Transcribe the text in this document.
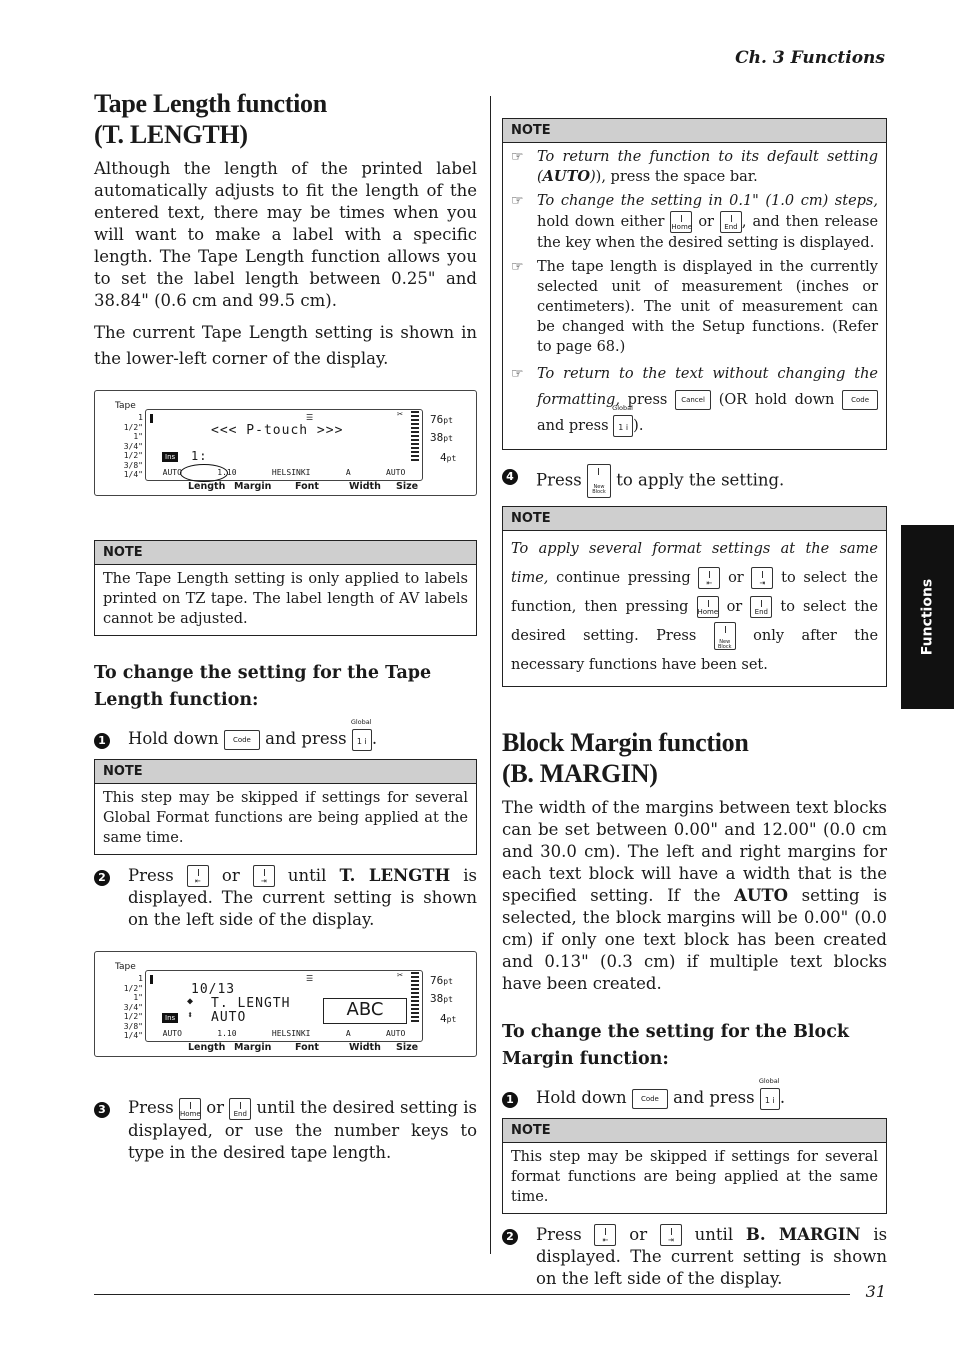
Ch. 3 Functions
Functions
Tape Length function
(T. LENGTH)

Although the length of the printed label automatically adjusts to fit the length of the entered text, there may be times when you will want to make a label with a specific length. The Tape Length function allows you to set the label length between 0.25" and 38.84" (0.6 cm and 99.5 cm).

The current Tape Length setting is shown in the lower-left corner of the display.

Tape
1 1/2"
1"
3/4"
1/2"
3/8"
1/4"
☰
Ins
<<< P-touch >>>
1:
✂ 76pt
38pt
4pt
AUTO	1.10	HELSINKI	A	AUTO
Length Margin Font	Width Size
NOTE
The Tape Length setting is only applied to labels printed on TZ tape. The label length of AV labels cannot be adjusted.
To change the setting for the Tape Length function:
1	Hold down Code and press
Global
1 i .
NOTE
This step may be skipped if settings for several Global Format functions are being applied at the same time.
2	Press	⇤ or	⇥ until T. LENGTH is displayed. The current setting is shown on the left side of the display.
Tape
1 1/2"
1"
3/4"
1/2"
3/8"
1/4"
☰
Ins
10/13
◆ T. LENGTH
⬍ AUTO	ABC
✂ 76pt
38pt
4pt
AUTO	1.10	HELSINKI	A	AUTO
Length Margin Font	Width Size
3	Press Home or End until the desired setting is displayed, or use the number keys to type in the desired tape length.
NOTE
☞ To return the function to its default setting (AUTO)), press the space bar.
☞ To change the setting in 0.1" (1.0 cm) steps, hold down either Home or End , and then release the key when the desired setting is displayed.
☞ The tape length is displayed in the currently selected unit of measurement (inches or centimeters). The unit of measurement can be changed with the Setup functions. (Refer to page 68.)
☞ To return to the text without changing the formatting, press Cancel (OR hold down Code and press
Global
1 i ).
4	Press New Block to apply the setting.
NOTE
To apply several format settings at the same time, continue pressing ⇤ or ⇥ to select the function, then pressing Home or End to select the desired setting. Press	New Block only after the necessary functions have been set.
Block Margin function
(B. MARGIN)

The width of the margins between text blocks can be set between 0.00" and 12.00" (0.0 cm and 30.0 cm). The left and right margins for each text block will have a width that is the specified setting. If the AUTO setting is selected, the block margins will be 0.00" (0.0 cm) if only one text block has been created and 0.13" (0.3 cm) if multiple text blocks have been created.

To change the setting for the Block Margin function:
1	Hold down Code and press
Global
1 i .
NOTE
This step may be skipped if settings for several format functions are being applied at the same time.
2	Press	⇤ or	⇥ until B. MARGIN is displayed. The current setting is shown on the left side of the display.
31
